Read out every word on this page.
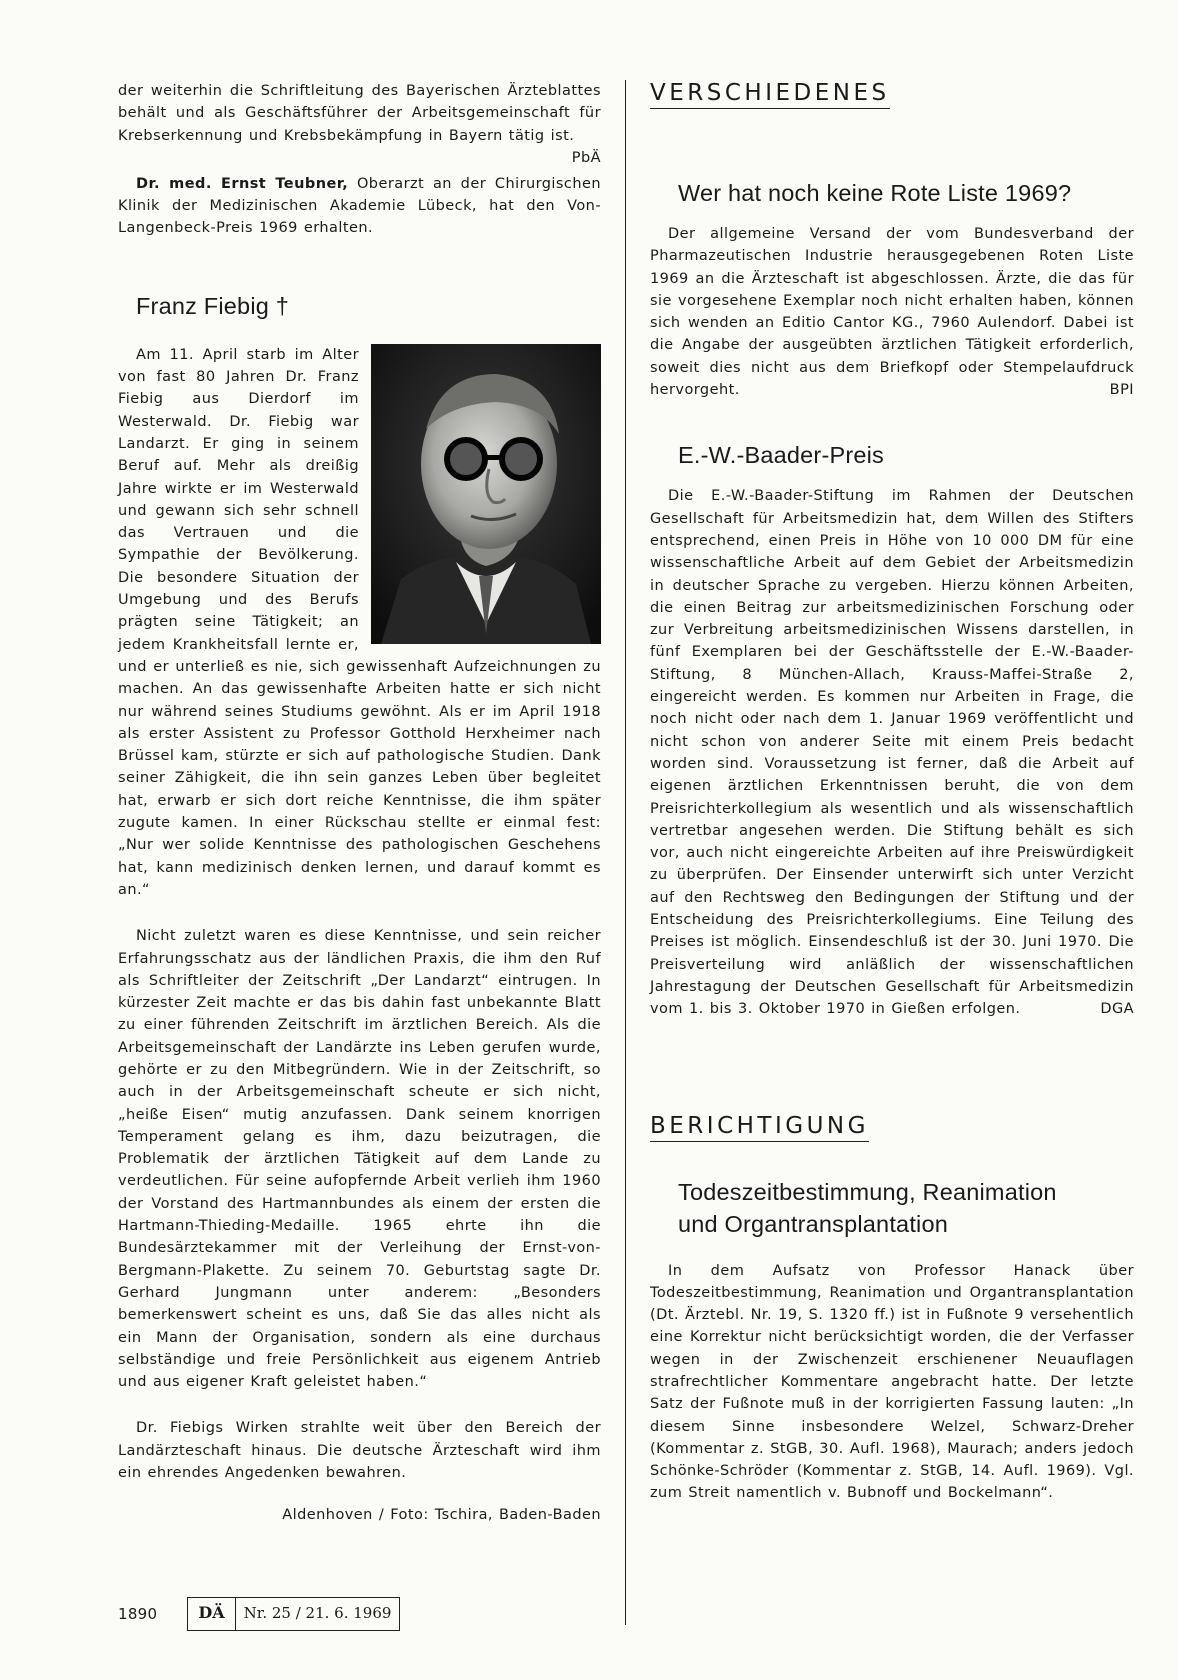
der weiterhin die Schriftleitung des Bayerischen Ärzteblattes behält und als Geschäftsführer der Arbeitsgemeinschaft für Krebserkennung und Krebsbekämpfung in Bayern tätig ist.
PbÄ

Dr. med. Ernst Teubner, Oberarzt an der Chirurgischen Klinik der Medizinischen Akademie Lübeck, hat den Von-Langenbeck-Preis 1969 erhalten.

Franz Fiebig †

Am 11. April starb im Alter von fast 80 Jahren Dr. Franz Fiebig aus Dierdorf im Westerwald. Dr. Fiebig war Landarzt. Er ging in seinem Beruf auf. Mehr als dreißig Jahre wirkte er im Westerwald und gewann sich sehr schnell das Vertrauen und die Sympathie der Bevölkerung. Die besondere Situation der Umgebung und des Berufs prägten seine Tätigkeit; an jedem Krankheitsfall lernte er, und er unterließ es nie, sich gewissenhaft Aufzeichnungen zu machen. An das gewissenhafte Arbeiten hatte er sich nicht nur während seines Studiums gewöhnt. Als er im April 1918 als erster Assistent zu Professor Gotthold Herxheimer nach Brüssel kam, stürzte er sich auf pathologische Studien. Dank seiner Zähigkeit, die ihn sein ganzes Leben über begleitet hat, erwarb er sich dort reiche Kenntnisse, die ihm später zugute kamen. In einer Rückschau stellte er einmal fest: „Nur wer solide Kenntnisse des pathologischen Geschehens hat, kann medizinisch denken lernen, und darauf kommt es an.“

Nicht zuletzt waren es diese Kenntnisse, und sein reicher Erfahrungsschatz aus der ländlichen Praxis, die ihm den Ruf als Schriftleiter der Zeitschrift „Der Landarzt“ eintrugen. In kürzester Zeit machte er das bis dahin fast unbekannte Blatt zu einer führenden Zeitschrift im ärztlichen Bereich. Als die Arbeitsgemeinschaft der Landärzte ins Leben gerufen wurde, gehörte er zu den Mitbegründern. Wie in der Zeitschrift, so auch in der Arbeitsgemeinschaft scheute er sich nicht, „heiße Eisen“ mutig anzufassen. Dank seinem knorrigen Temperament gelang es ihm, dazu beizutragen, die Problematik der ärztlichen Tätigkeit auf dem Lande zu verdeutlichen. Für seine aufopfernde Arbeit verlieh ihm 1960 der Vorstand des Hartmannbundes als einem der ersten die Hartmann-Thieding-Medaille. 1965 ehrte ihn die Bundesärztekammer mit der Verleihung der Ernst-von-Bergmann-Plakette. Zu seinem 70. Geburtstag sagte Dr. Gerhard Jungmann unter anderem: „Besonders bemerkenswert scheint es uns, daß Sie das alles nicht als ein Mann der Organisation, sondern als eine durchaus selbständige und freie Persönlichkeit aus eigenem Antrieb und aus eigener Kraft geleistet haben.“

Dr. Fiebigs Wirken strahlte weit über den Bereich der Landärzteschaft hinaus. Die deutsche Ärzteschaft wird ihm ein ehrendes Angedenken bewahren.

Aldenhoven / Foto: Tschira, Baden-Baden

VERSCHIEDENES
Wer hat noch keine Rote Liste 1969?

Der allgemeine Versand der vom Bundesverband der Pharmazeutischen Industrie herausgegebenen Roten Liste 1969 an die Ärzteschaft ist abgeschlossen. Ärzte, die das für sie vorgesehene Exemplar noch nicht erhalten haben, können sich wenden an Editio Cantor KG., 7960 Aulendorf. Dabei ist die Angabe der ausgeübten ärztlichen Tätigkeit erforderlich, soweit dies nicht aus dem Briefkopf oder Stempelaufdruck hervorgeht.	BPI

E.-W.-Baader-Preis

Die E.-W.-Baader-Stiftung im Rahmen der Deutschen Gesellschaft für Arbeitsmedizin hat, dem Willen des Stifters entsprechend, einen Preis in Höhe von 10 000 DM für eine wissenschaftliche Arbeit auf dem Gebiet der Arbeitsmedizin in deutscher Sprache zu vergeben. Hierzu können Arbeiten, die einen Beitrag zur arbeitsmedizinischen Forschung oder zur Verbreitung arbeitsmedizinischen Wissens darstellen, in fünf Exemplaren bei der Geschäftsstelle der E.-W.-Baader-Stiftung, 8 München-Allach, Krauss-Maffei-Straße 2, eingereicht werden. Es kommen nur Arbeiten in Frage, die noch nicht oder nach dem 1. Januar 1969 veröffentlicht und nicht schon von anderer Seite mit einem Preis bedacht worden sind. Voraussetzung ist ferner, daß die Arbeit auf eigenen ärztlichen Erkenntnissen beruht, die von dem Preisrichterkollegium als wesentlich und als wissenschaftlich vertretbar angesehen werden. Die Stiftung behält es sich vor, auch nicht eingereichte Arbeiten auf ihre Preiswürdigkeit zu überprüfen. Der Einsender unterwirft sich unter Verzicht auf den Rechtsweg den Bedingungen der Stiftung und der Entscheidung des Preisrichterkollegiums. Eine Teilung des Preises ist möglich. Einsendeschluß ist der 30. Juni 1970. Die Preisverteilung wird anläßlich der wissenschaftlichen Jahrestagung der Deutschen Gesellschaft für Arbeitsmedizin vom 1. bis 3. Oktober 1970 in Gießen erfolgen.	DGA

BERICHTIGUNG
Todeszeitbestimmung, Reanimation
und Organtransplantation

In dem Aufsatz von Professor Hanack über Todeszeitbestimmung, Reanimation und Organtransplantation (Dt. Ärztebl. Nr. 19, S. 1320 ff.) ist in Fußnote 9 versehentlich eine Korrektur nicht berücksichtigt worden, die der Verfasser wegen in der Zwischenzeit erschienener Neuauflagen strafrechtlicher Kommentare angebracht hatte. Der letzte Satz der Fußnote muß in der korrigierten Fassung lauten: „In diesem Sinne insbesondere Welzel, Schwarz-Dreher (Kommentar z. StGB, 30. Aufl. 1968), Maurach; anders jedoch Schönke-Schröder (Kommentar z. StGB, 14. Aufl. 1969). Vgl. zum Streit namentlich v. Bubnoff und Bockelmann“.

1890	DÄ	Nr. 25 / 21. 6. 1969
